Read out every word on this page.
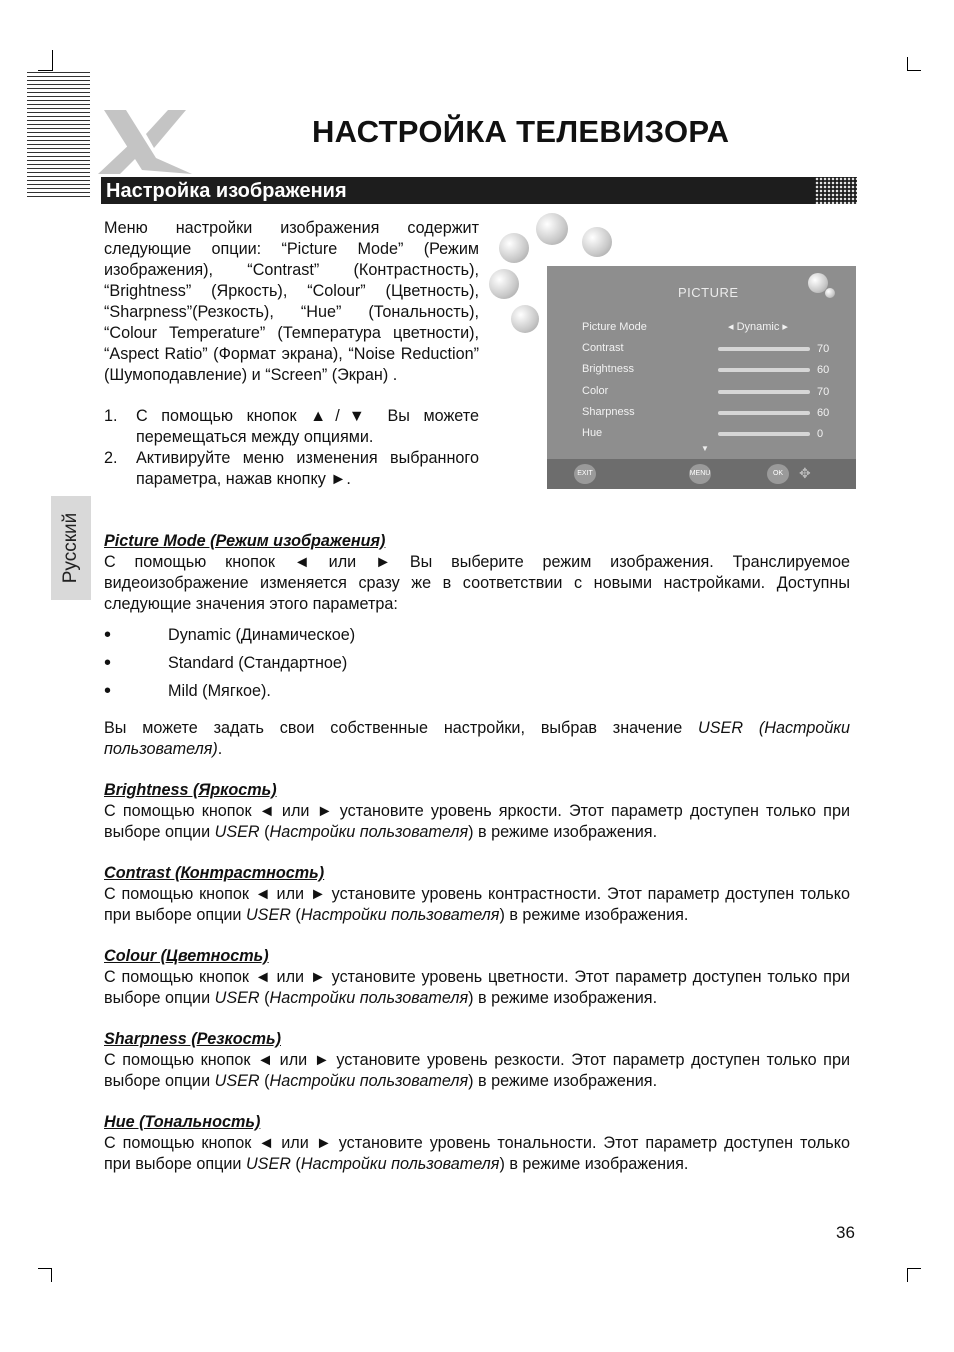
НАСТРОЙКА ТЕЛЕВИЗОРА
Настройка изображения
Русский

Меню настройки изображения содержит следующие опции: “Picture Mode” (Режим изображения), “Contrast” (Контрастность), “Brightness” (Яркость), “Colour” (Цветность), “Sharpness”(Резкость), “Hue” (Тональность), “Colour Temperature” (Температура цветности), “Aspect Ratio” (Формат экрана), “Noise Reduction” (Шумоподавление) и “Screen” (Экран) .

1.	С помощью кнопок ▲/▼ Вы можете перемещаться между опциями.
2.	Активируйте меню изменения выбранного параметра, нажав кнопку ►.
PICTURE
Picture Mode	◂ Dynamic ▸
Contrast	70
Brightness	60
Color	70
Sharpness	60
Hue	0
▼
EXIT	MENU	OK	✥
Picture Mode (Режим изображения)

С помощью кнопок ◄ или ► Вы выберите режим изображения. Транслируемое видеоизображение изменяется сразу же в соответствии с новыми настройками. Доступны следующие значения этого параметра:

• Dynamic (Динамическое)
• Standard (Стандартное)
• Mild (Мягкое).

Вы можете задать свои собственные настройки, выбрав значение USER (Настройки пользователя).

Brightness (Яркость)

С помощью кнопок ◄ или ► установите уровень яркости. Этот параметр доступен только при выборе опции USER (Настройки пользователя) в режиме изображения.

Contrast (Контрастность)

С помощью кнопок ◄ или ► установите уровень контрастности. Этот параметр доступен только при выборе опции USER (Настройки пользователя) в режиме изображения.

Colour (Цветность)

С помощью кнопок ◄ или ► установите уровень цветности. Этот параметр доступен только при выборе опции USER (Настройки пользователя) в режиме изображения.

Sharpness (Резкость)

С помощью кнопок ◄ или ► установите уровень резкости. Этот параметр доступен только при выборе опции USER (Настройки пользователя) в режиме изображения.

Hue (Тональность)

С помощью кнопок ◄ или ► установите уровень тональности. Этот параметр доступен только при выборе опции USER (Настройки пользователя) в режиме изображения.

36
